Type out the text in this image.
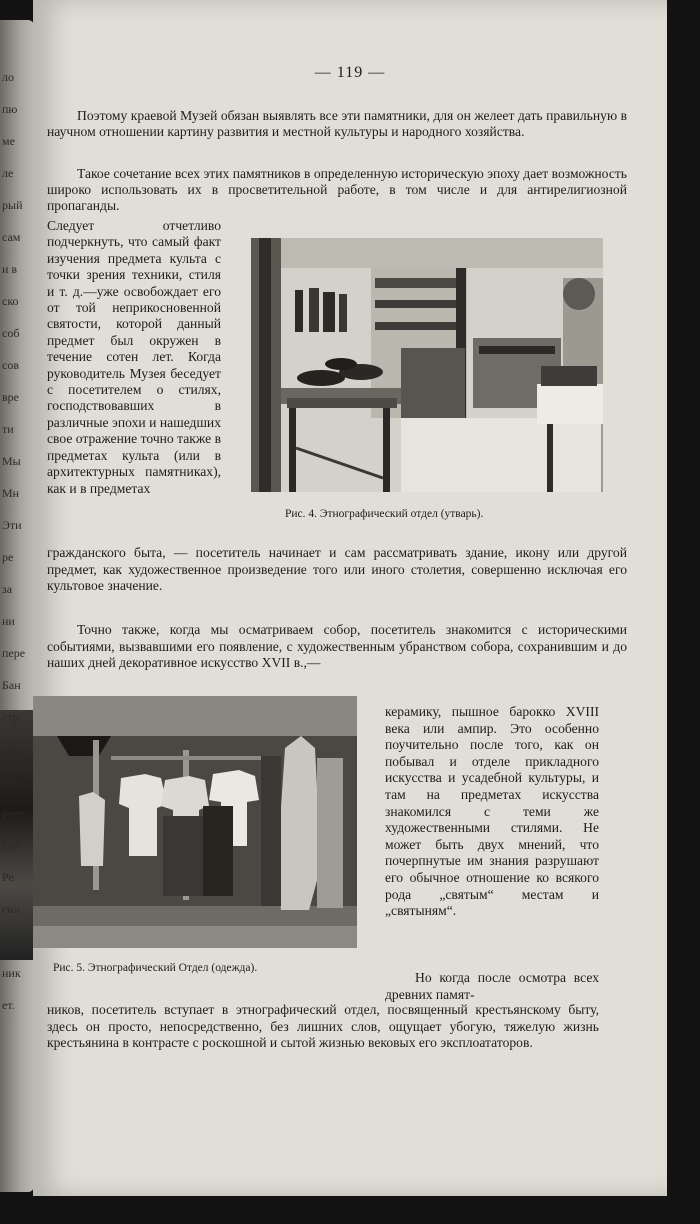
ло
пю
ме
ле
рый
сам
и в
ско
соб
сов
вре
ти
Мы
Мн
Эти
ре
за
ни
пере
Бан
стр
дан
иве
реле
соб
Ре
гил
не
ник
ет.
— 119 —

Поэтому краевой Музей обязан выявлять все эти памятники, для он желеет дать правильную в научном отношении картину развития и местной культуры и народного хозяйства.

Такое сочетание всех этих памятников в определенную историческую эпоху дает возможность широко использовать их в просветительной работе, в том числе и для антирелигиозной пропаганды.

Следует отчетливо подчеркнуть, что самый факт изучения предмета культа с точки зрения техники, стиля и т. д.—уже освобождает его от той неприкосновенной святости, которой данный предмет был окружен в течение сотен лет. Когда руководитель Музея беседует с посетителем о стилях, господствовавших в различные эпохи и нашедших свое отражение точно также в предметах культа (или в архитектурных памятниках), как и в предметах

Рис. 4. Этнографический отдел (утварь).

гражданского быта, — посетитель начинает и сам рассматривать здание, икону или другой предмет, как художественное произведение того или иного столетия, совершенно исключая его культовое значение.

Точно также, когда мы осматриваем собор, посетитель знакомится с историческими событиями, вызвавшими его появление, с художественным убранством собора, сохранившим и до наших дней декоративное искусство XVII в.,—

Рис. 5. Этнографический Отдел (одежда).

керамику, пышное барокко XVIII века или ампир. Это особенно поучительно после того, как он побывал и отделе прикладного искусства и усадебной культуры, и там на предметах искусства знакомился с теми же художественными стилями. Не может быть двух мнений, что почерпнутые им знания разрушают его обычное отношение ко всякого рода „святым“ местам и „святыням“.

Но когда после осмотра всех древних памят-

ников, посетитель вступает в этнографический отдел, посвященный крестьянскому быту, здесь он просто, непосредственно, без лишних слов, ощущает убогую, тяжелую жизнь крестьянина в контрасте с роскошной и сытой жизнью вековых его эксплоататоров.
